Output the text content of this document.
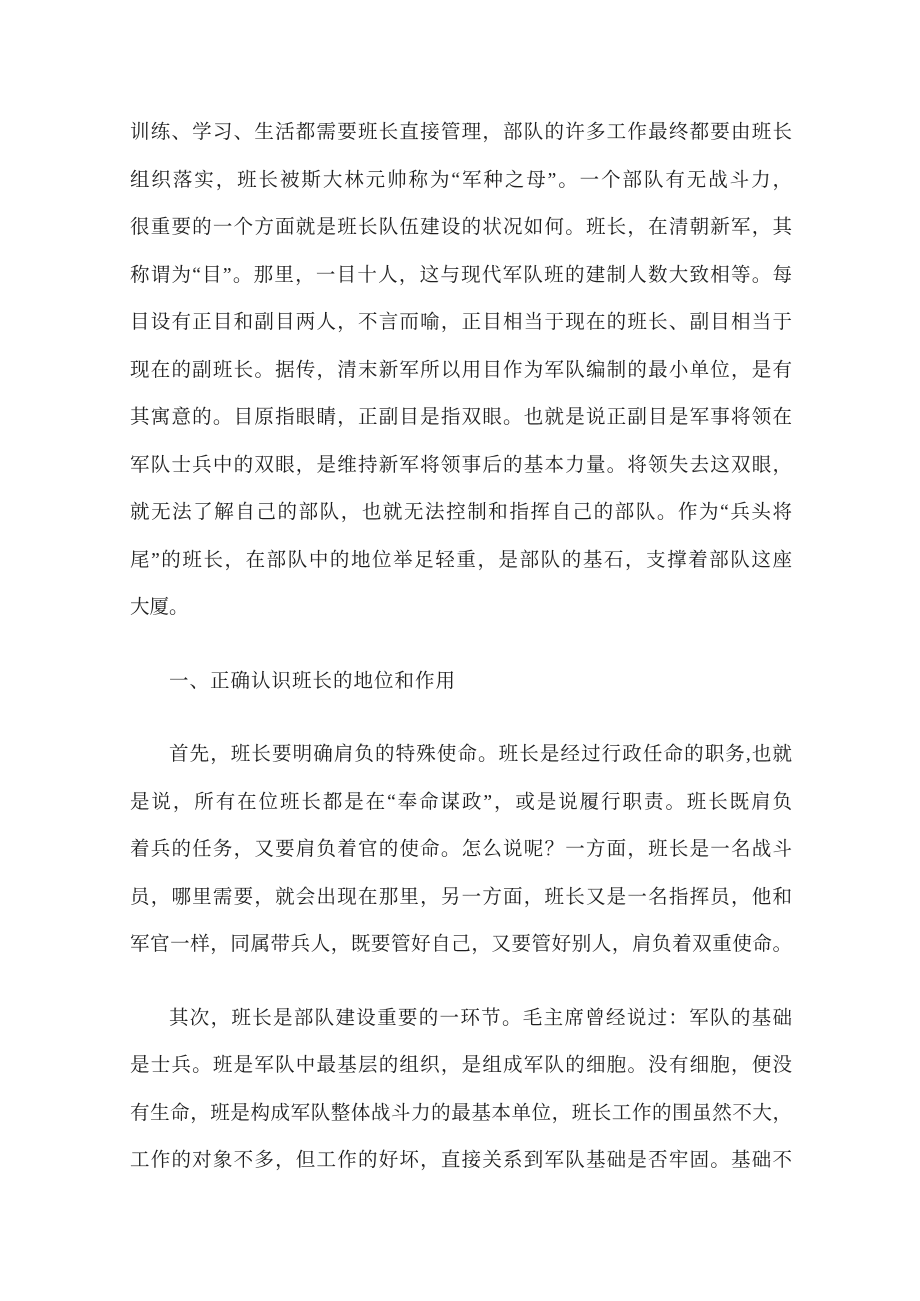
训练、学习、生活都需要班长直接管理，部队的许多工作最终都要由班长
组织落实，班长被斯大林元帅称为“军种之母”。一个部队有无战斗力，
很重要的一个方面就是班长队伍建设的状况如何。班长，在清朝新军，其
称谓为“目”。那里，一目十人，这与现代军队班的建制人数大致相等。每
目设有正目和副目两人，不言而喻，正目相当于现在的班长、副目相当于
现在的副班长。据传，清末新军所以用目作为军队编制的最小单位，是有
其寓意的。目原指眼睛，正副目是指双眼。也就是说正副目是军事将领在
军队士兵中的双眼，是维持新军将领事后的基本力量。将领失去这双眼，
就无法了解自己的部队，也就无法控制和指挥自己的部队。作为“兵头将
尾”的班长，在部队中的地位举足轻重，是部队的基石，支撑着部队这座
大厦。
一、正确认识班长的地位和作用
首先，班长要明确肩负的特殊使命。班长是经过行政任命的职务,也就
是说，所有在位班长都是在“奉命谋政”，或是说履行职责。班长既肩负
着兵的任务，又要肩负着官的使命。怎么说呢？一方面，班长是一名战斗
员，哪里需要，就会出现在那里，另一方面，班长又是一名指挥员，他和
军官一样，同属带兵人，既要管好自己，又要管好别人，肩负着双重使命。
其次，班长是部队建设重要的一环节。毛主席曾经说过：军队的基础
是士兵。班是军队中最基层的组织，是组成军队的细胞。没有细胞，便没
有生命，班是构成军队整体战斗力的最基本单位，班长工作的围虽然不大，
工作的对象不多，但工作的好坏，直接关系到军队基础是否牢固。基础不
